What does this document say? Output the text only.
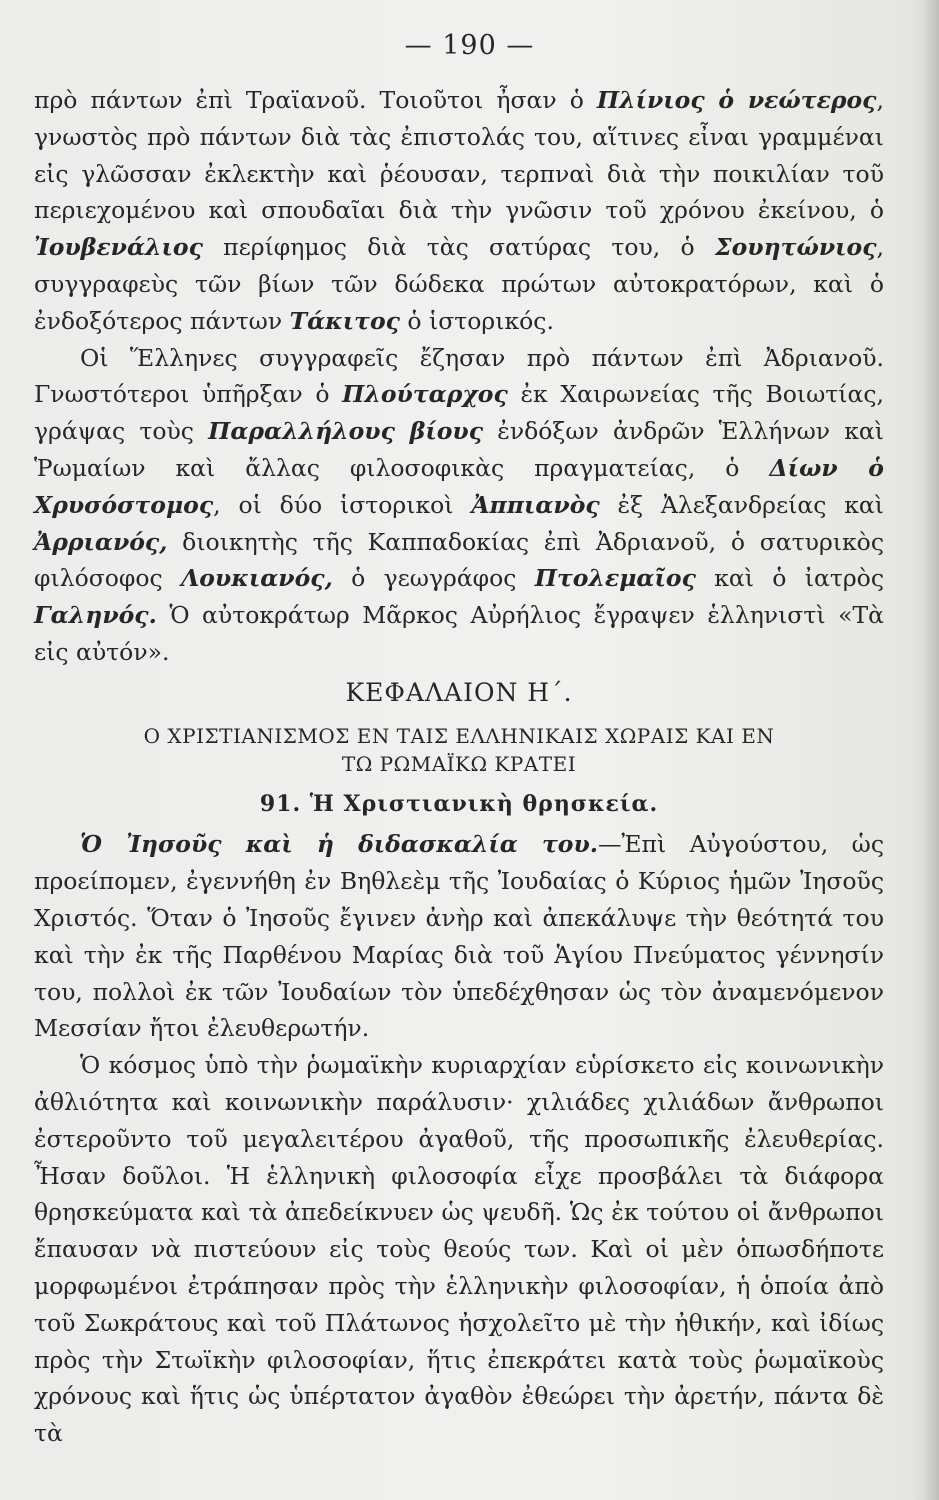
— 190 —

πρὸ πάντων ἐπὶ Τραϊανοῦ. Τοιοῦτοι ἦσαν ὁ Πλίνιος ὁ νεώτερος, γνωστὸς πρὸ πάντων διὰ τὰς ἐπιστολάς του, αἵτινες εἶναι γραμμέναι εἰς γλῶσσαν ἐκλεκτὴν καὶ ῥέουσαν, τερπναὶ διὰ τὴν ποικιλίαν τοῦ περιεχομένου καὶ σπουδαῖαι διὰ τὴν γνῶσιν τοῦ χρόνου ἐκείνου, ὁ Ἰουβενάλιος περίφημος διὰ τὰς σατύρας του, ὁ Σουητώνιος, συγγραφεὺς τῶν βίων τῶν δώδεκα πρώτων αὐτοκρατόρων, καὶ ὁ ἐνδοξότερος πάντων Τάκιτος ὁ ἱστορικός.

Οἱ Ἕλληνες συγγραφεῖς ἔζησαν πρὸ πάντων ἐπὶ Ἀδριανοῦ. Γνωστότεροι ὑπῆρξαν ὁ Πλούταρχος ἐκ Χαιρωνείας τῆς Βοιωτίας, γράψας τοὺς Παραλλήλους βίους ἐνδόξων ἀνδρῶν Ἑλλήνων καὶ Ῥωμαίων καὶ ἄλλας φιλοσοφικὰς πραγματείας, ὁ Δίων ὁ Χρυσόστομος, οἱ δύο ἱστορικοὶ Ἀππιανὸς ἐξ Ἀλεξανδρείας καὶ Ἀρριανός, διοικητὴς τῆς Καππαδοκίας ἐπὶ Ἀδριανοῦ, ὁ σατυρικὸς φιλόσοφος Λουκιανός, ὁ γεωγράφος Πτολεμαῖος καὶ ὁ ἰατρὸς Γαληνός. Ὁ αὐτοκράτωρ Μᾶρκος Αὐρήλιος ἔγραψεν ἑλληνιστὶ «Τὰ εἰς αὐτόν».

ΚΕΦΑΛΑΙΟΝ Η΄.
Ο ΧΡΙΣΤΙΑΝΙΣΜΟΣ ΕΝ ΤΑΙΣ ΕΛΛΗΝΙΚΑΙΣ ΧΩΡΑΙΣ ΚΑΙ ΕΝ
ΤΩ ΡΩΜΑΪΚΩ ΚΡΑΤΕΙ
91. Ἡ Χριστιανικὴ θρησκεία.

Ὁ Ἰησοῦς καὶ ἡ διδασκαλία του.—Ἐπὶ Αὐγούστου, ὡς προείπομεν, ἐγεννήθη ἐν Βηθλεὲμ τῆς Ἰουδαίας ὁ Κύριος ἡμῶν Ἰησοῦς Χριστός. Ὅταν ὁ Ἰησοῦς ἔγινεν ἀνὴρ καὶ ἀπεκάλυψε τὴν θεότητά του καὶ τὴν ἐκ τῆς Παρθένου Μαρίας διὰ τοῦ Ἁγίου Πνεύματος γέννησίν του, πολλοὶ ἐκ τῶν Ἰουδαίων τὸν ὑπεδέχθησαν ὡς τὸν ἀναμενόμενον Μεσσίαν ἤτοι ἐλευθερωτήν.

Ὁ κόσμος ὑπὸ τὴν ῥωμαϊκὴν κυριαρχίαν εὑρίσκετο εἰς κοινωνικὴν ἀθλιότητα καὶ κοινωνικὴν παράλυσιν· χιλιάδες χιλιάδων ἄνθρωποι ἐστεροῦντο τοῦ μεγαλειτέρου ἀγαθοῦ, τῆς προσωπικῆς ἐλευθερίας. Ἦσαν δοῦλοι. Ἡ ἑλληνικὴ φιλοσοφία εἶχε προσβάλει τὰ διάφορα θρησκεύματα καὶ τὰ ἀπεδείκνυεν ὡς ψευδῆ. Ὡς ἐκ τούτου οἱ ἄνθρωποι ἔπαυσαν νὰ πιστεύουν εἰς τοὺς θεούς των. Καὶ οἱ μὲν ὁπωσδήποτε μορφωμένοι ἐτράπησαν πρὸς τὴν ἑλληνικὴν φιλοσοφίαν, ἡ ὁποία ἀπὸ τοῦ Σωκράτους καὶ τοῦ Πλάτωνος ἠσχολεῖτο μὲ τὴν ἠθικήν, καὶ ἰδίως πρὸς τὴν Στωϊκὴν φιλοσοφίαν, ἥτις ἐπεκράτει κατὰ τοὺς ῥωμαϊκοὺς χρόνους καὶ ἥτις ὡς ὑπέρτατον ἀγαθὸν ἐθεώρει τὴν ἀρετήν, πάντα δὲ τὰ
